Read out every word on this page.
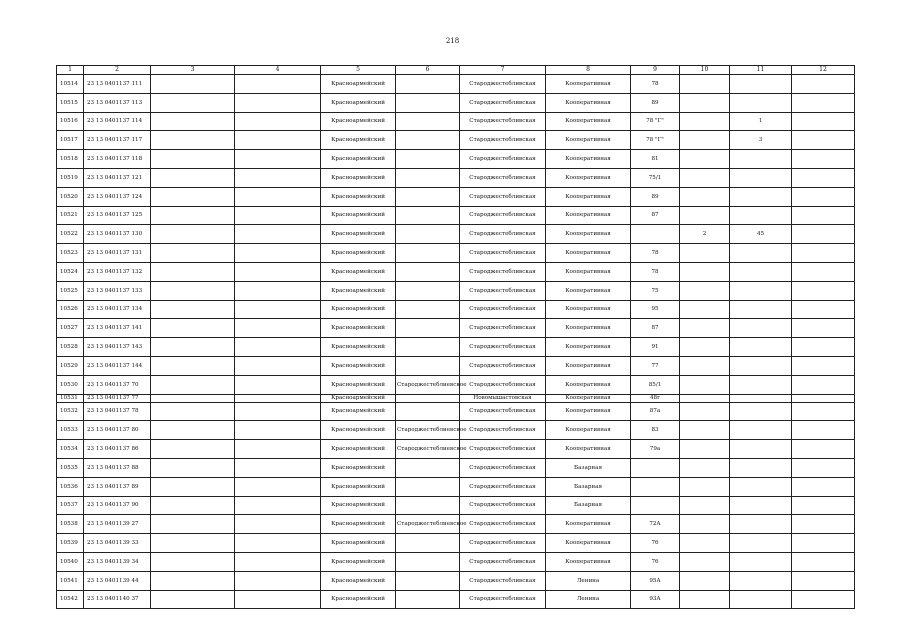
218
1	2	3	4	5	6	7	8	9	10	11	12
10514	23 13 0401137 111			Красноармейский		Староджестебливская	Кооперативная	78			
10515	23 13 0401137 113			Красноармейский		Староджестебливская	Кооперативная	89			
10516	23 13 0401137 114			Красноармейский		Староджестебливская	Кооперативная	78 "Г"		1	
10517	23 13 0401137 117			Красноармейский		Староджестебливская	Кооперативная	78 "Г"		3	
10518	23 13 0401137 118			Красноармейский		Староджестебливская	Кооперативная	81			
10519	23 13 0401137 121			Красноармейский		Староджестебливская	Кооперативная	75/1			
10520	23 13 0401137 124			Красноармейский		Староджестебливская	Кооперативная	89			
10521	23 13 0401137 125			Красноармейский		Староджестебливская	Кооперативная	87			
10522	23 13 0401137 130			Красноармейский		Староджестебливская	Кооперативная		2	45	
10523	23 13 0401137 131			Красноармейский		Староджестебливская	Кооперативная	78			
10524	23 13 0401137 132			Красноармейский		Староджестебливская	Кооперативная	78			
10525	23 13 0401137 133			Красноармейский		Староджестебливская	Кооперативная	75			
10526	23 13 0401137 134			Красноармейский		Староджестебливская	Кооперативная	95			
10527	23 13 0401137 141			Красноармейский		Староджестебливская	Кооперативная	87			
10528	23 13 0401137 143			Красноармейский		Староджестебливская	Кооперативная	91			
10529	23 13 0401137 144			Красноармейский		Староджестебливская	Кооперативная	77			
10530	23 13 0401137 70			Красноармейский	Староджестеблиевское	Староджестебливская	Кооперативная	85/1			
10531	23 13 0401137 77			Красноармейский		Новомышастовская	Кооперативная	48г			
10532	23 13 0401137 78			Красноармейский		Староджестебливская	Кооперативная	87а			
10533	23 13 0401137 80			Красноармейский	Староджестеблиевское	Староджестебливская	Кооперативная	83			
10534	23 13 0401137 86			Красноармейский	Староджестеблиевское	Староджестебливская	Кооперативная	79а			
10535	23 13 0401137 88			Красноармейский		Староджестебливская	Базарная				
10536	23 13 0401137 89			Красноармейский		Староджестебливская	Базарная				
10537	23 13 0401137 90			Красноармейский		Староджестебливская	Базарная				
10538	23 13 0401139 27			Красноармейский	Староджестеблиевское	Староджестебливская	Кооперативная	72А			
10539	23 13 0401139 33			Красноармейский		Староджестебливская	Кооперативная	76			
10540	23 13 0401139 34			Красноармейский		Староджестебливская	Кооперативная	76			
10541	23 13 0401139 44			Красноармейский		Староджестебливская	Ленина	95А			
10542	23 13 0401140 37			Красноармейский		Староджестебливская	Ленина	93А			
